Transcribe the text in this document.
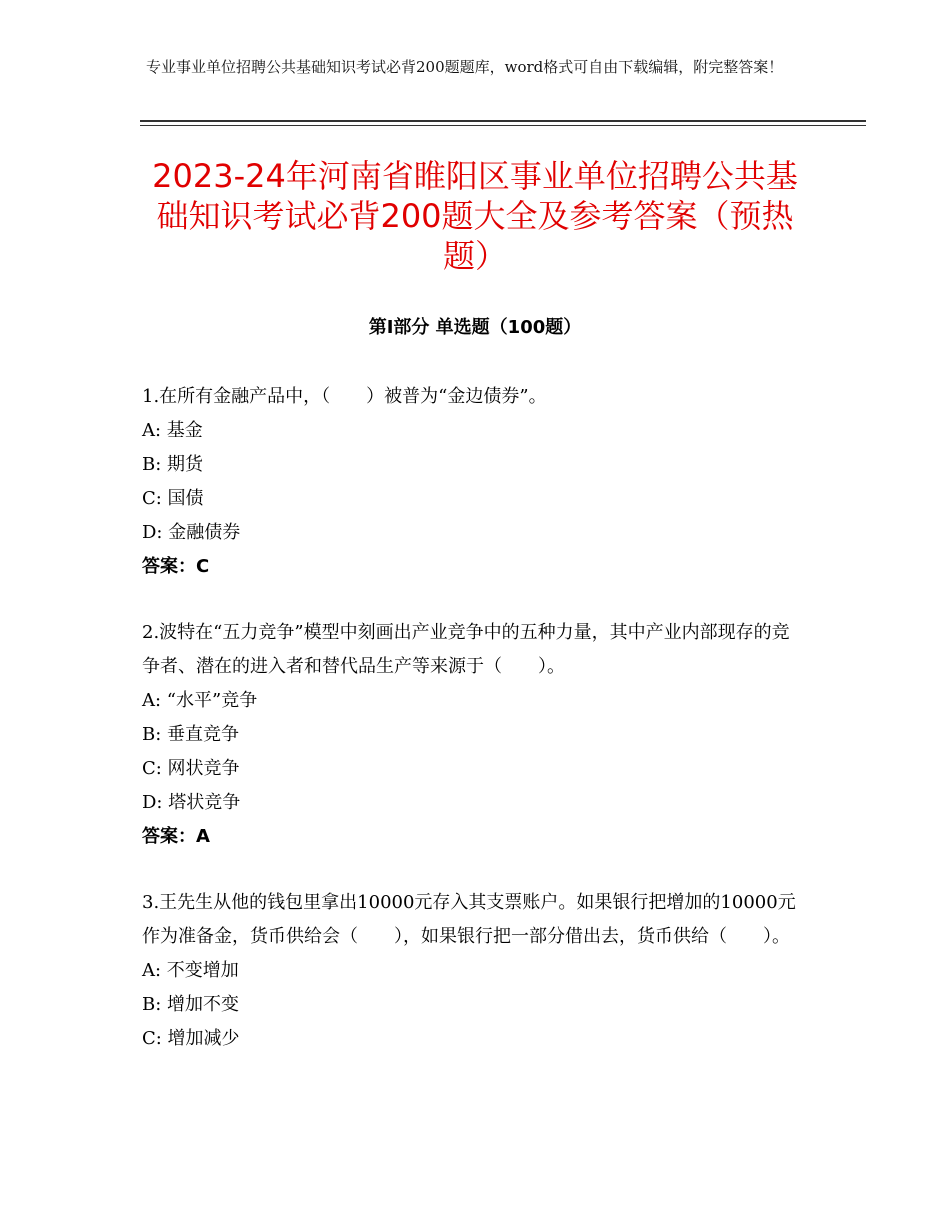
专业事业单位招聘公共基础知识考试必背200题题库，word格式可自由下载编辑，附完整答案！
2023-24年河南省睢阳区事业单位招聘公共基础知识考试必背200题大全及参考答案（预热题）
第Ⅰ部分 单选题（100题）
1.在所有金融产品中，（　　）被普为“金边债券”。
A: 基金
B: 期货
C: 国债
D: 金融债券
答案：C
2.波特在“五力竞争”模型中刻画出产业竞争中的五种力量，其中产业内部现存的竞争者、潜在的进入者和替代品生产等来源于（　　）。
A: “水平”竞争
B: 垂直竞争
C: 网状竞争
D: 塔状竞争
答案：A
3.王先生从他的钱包里拿出10000元存入其支票账户。如果银行把增加的10000元作为准备金，货币供给会（　　），如果银行把一部分借出去，货币供给（　　）。
A: 不变增加
B: 增加不变
C: 增加减少
